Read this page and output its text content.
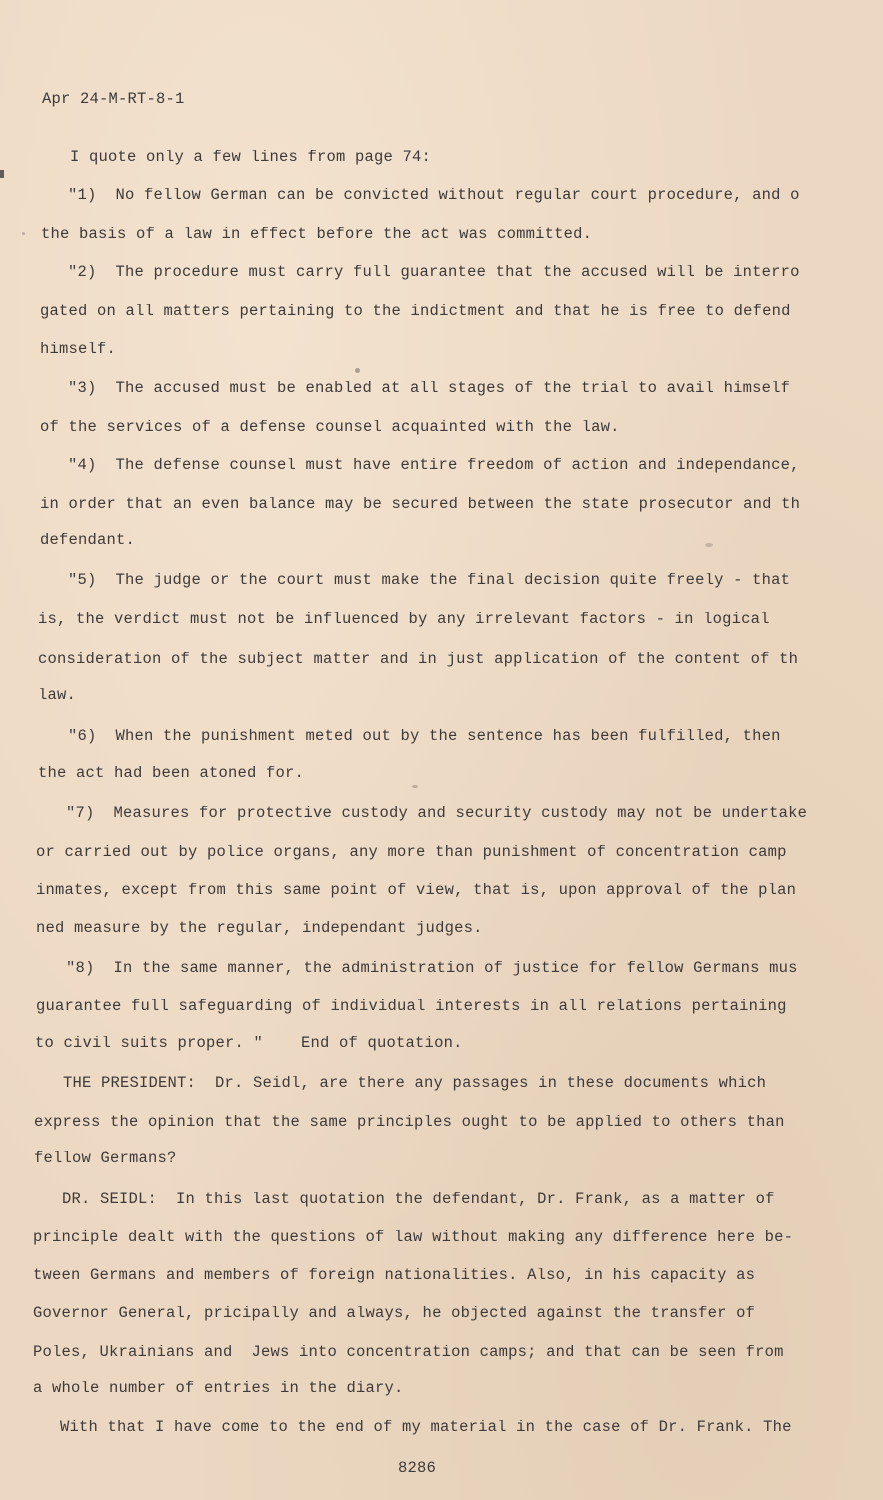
Apr 24-M-RT-8-1
I quote only a few lines from page 74:
"1)  No fellow German can be convicted without regular court procedure, and o
the basis of a law in effect before the act was committed.
"2)  The procedure must carry full guarantee that the accused will be interro
gated on all matters pertaining to the indictment and that he is free to defend
himself.
"3)  The accused must be enabled at all stages of the trial to avail himself
of the services of a defense counsel acquainted with the law.
"4)  The defense counsel must have entire freedom of action and independance,
in order that an even balance may be secured between the state prosecutor and th
defendant.
"5)  The judge or the court must make the final decision quite freely - that
is, the verdict must not be influenced by any irrelevant factors - in logical
consideration of the subject matter and in just application of the content of th
law.
"6)  When the punishment meted out by the sentence has been fulfilled, then
the act had been atoned for.
"7)  Measures for protective custody and security custody may not be undertake
or carried out by police organs, any more than punishment of concentration camp
inmates, except from this same point of view, that is, upon approval of the plan
ned measure by the regular, independant judges.
"8)  In the same manner, the administration of justice for fellow Germans mus
guarantee full safeguarding of individual interests in all relations pertaining
to civil suits proper. "    End of quotation.
THE PRESIDENT:  Dr. Seidl, are there any passages in these documents which
express the opinion that the same principles ought to be applied to others than
fellow Germans?
DR. SEIDL:  In this last quotation the defendant, Dr. Frank, as a matter of
principle dealt with the questions of law without making any difference here be-
tween Germans and members of foreign nationalities. Also, in his capacity as
Governor General, pricipally and always, he objected against the transfer of
Poles, Ukrainians and  Jews into concentration camps; and that can be seen from
a whole number of entries in the diary.
With that I have come to the end of my material in the case of Dr. Frank. The
8286
